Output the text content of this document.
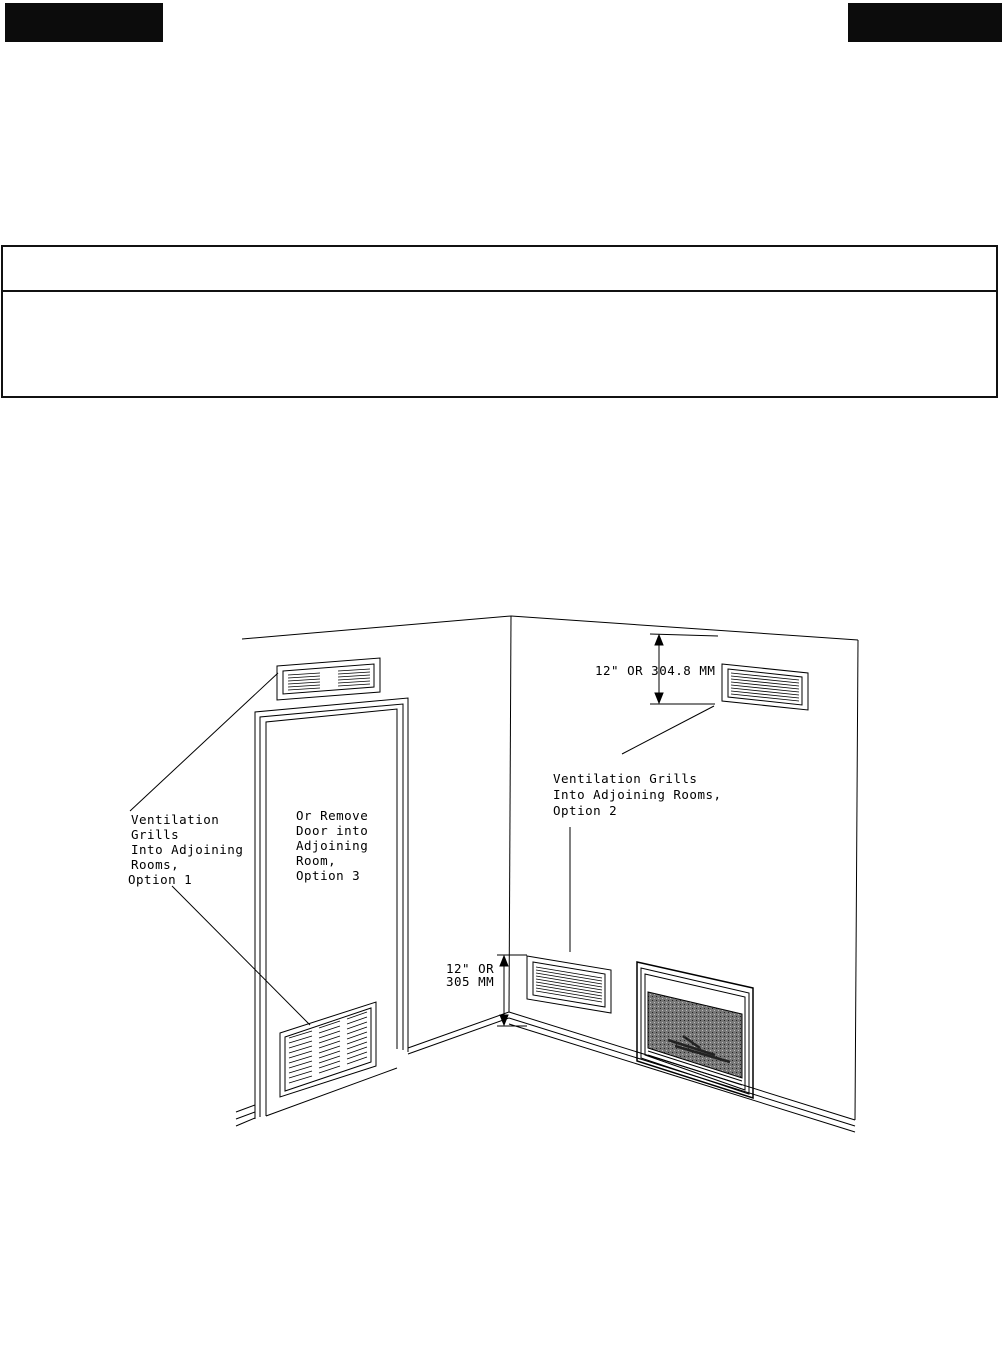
12" OR 304.8 MM
Ventilation Grills
Into Adjoining Rooms,
Option 2
Ventilation
Grills
Into Adjoining
Rooms,
Option 1
Or Remove
Door into
Adjoining
Room,
Option 3
12" OR
305 MM
